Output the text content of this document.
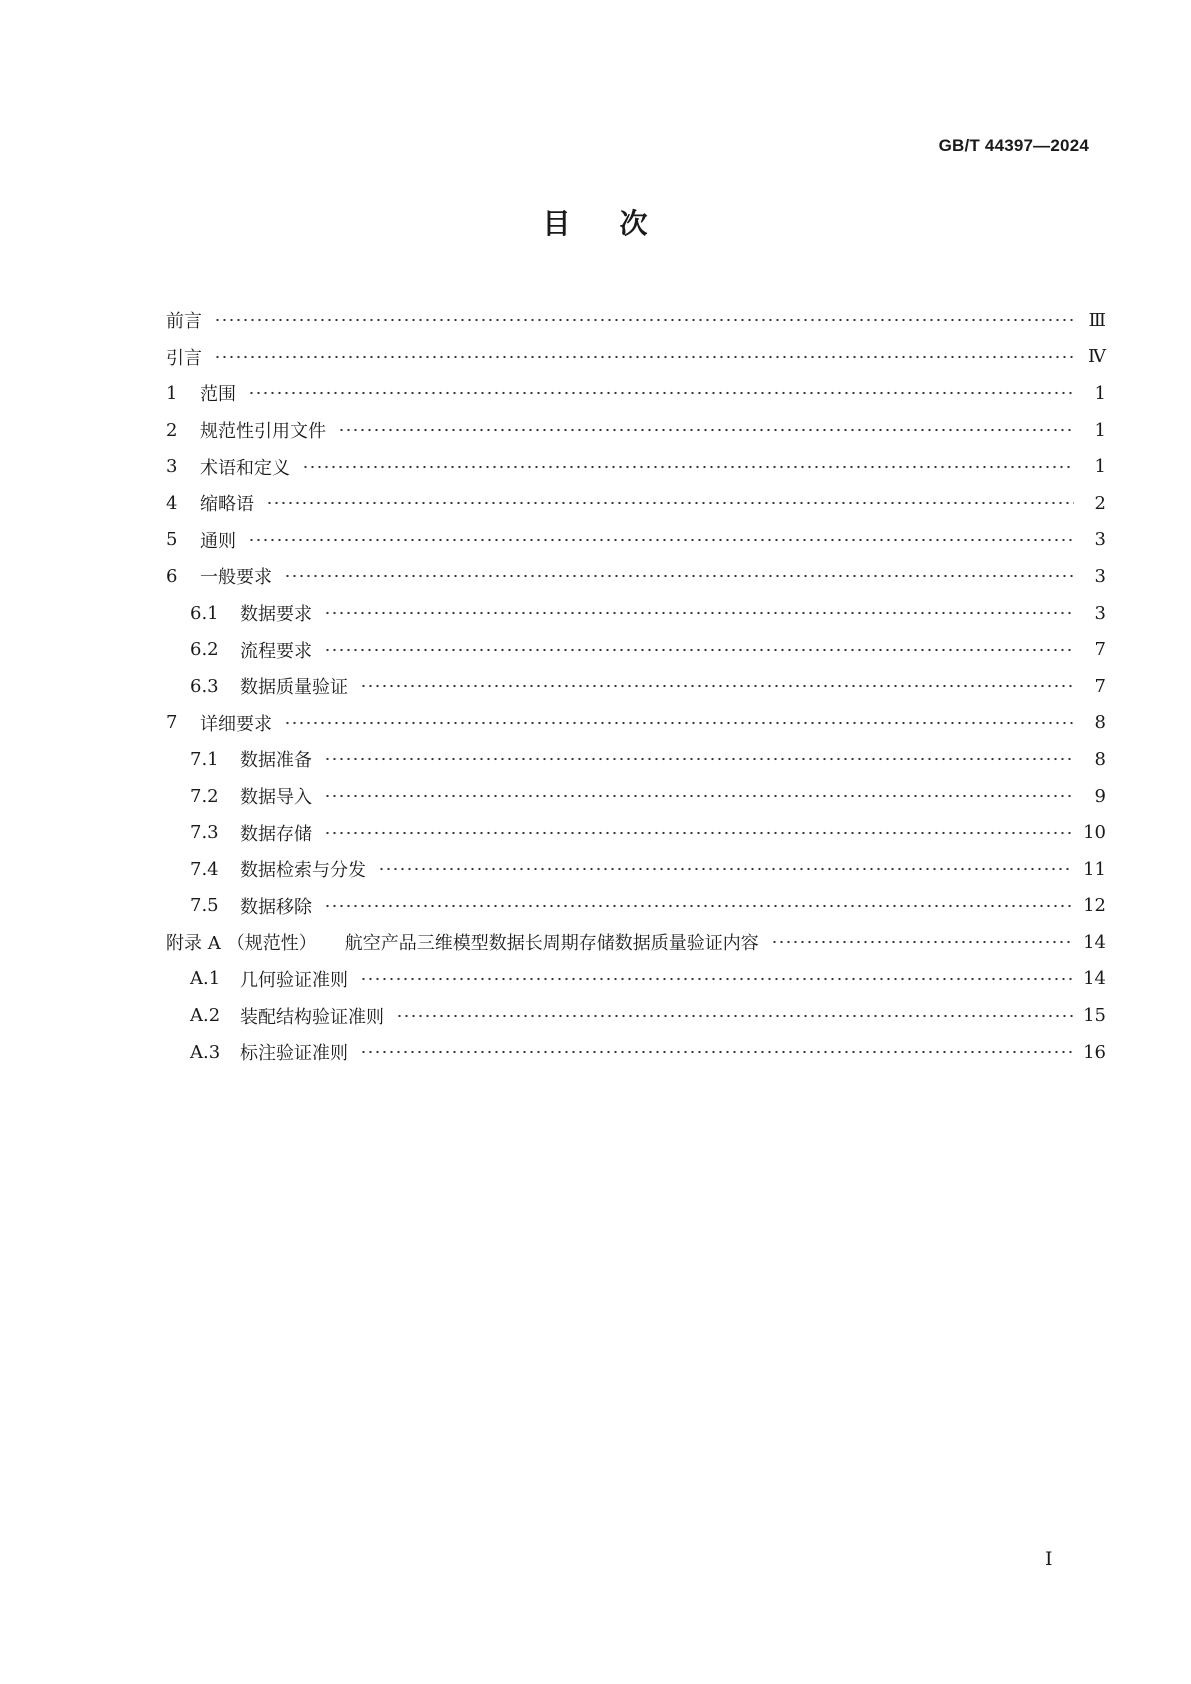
GB/T 44397—2024
目 次
前言	Ⅲ
引言	Ⅳ
1	范围	1
2	规范性引用文件	1
3	术语和定义	1
4	缩略语	2
5	通则	3
6	一般要求	3
6.1	数据要求	3
6.2	流程要求	7
6.3	数据质量验证	7
7	详细要求	8
7.1	数据准备	8
7.2	数据导入	9
7.3	数据存储	10
7.4	数据检索与分发	11
7.5	数据移除	12
附录 A （规范性） 航空产品三维模型数据长周期存储数据质量验证内容	14
A.1	几何验证准则	14
A.2	装配结构验证准则	15
A.3	标注验证准则	16
Ⅰ
